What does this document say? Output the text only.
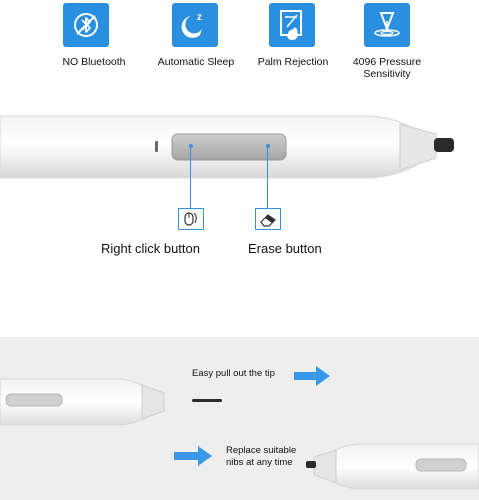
z
NO Bluetooth	Automatic Sleep	Palm Rejection	4096 Pressure Sensitivity
Right click button	Erase button
Easy pull out the tip
Replace suitable nibs at any time
